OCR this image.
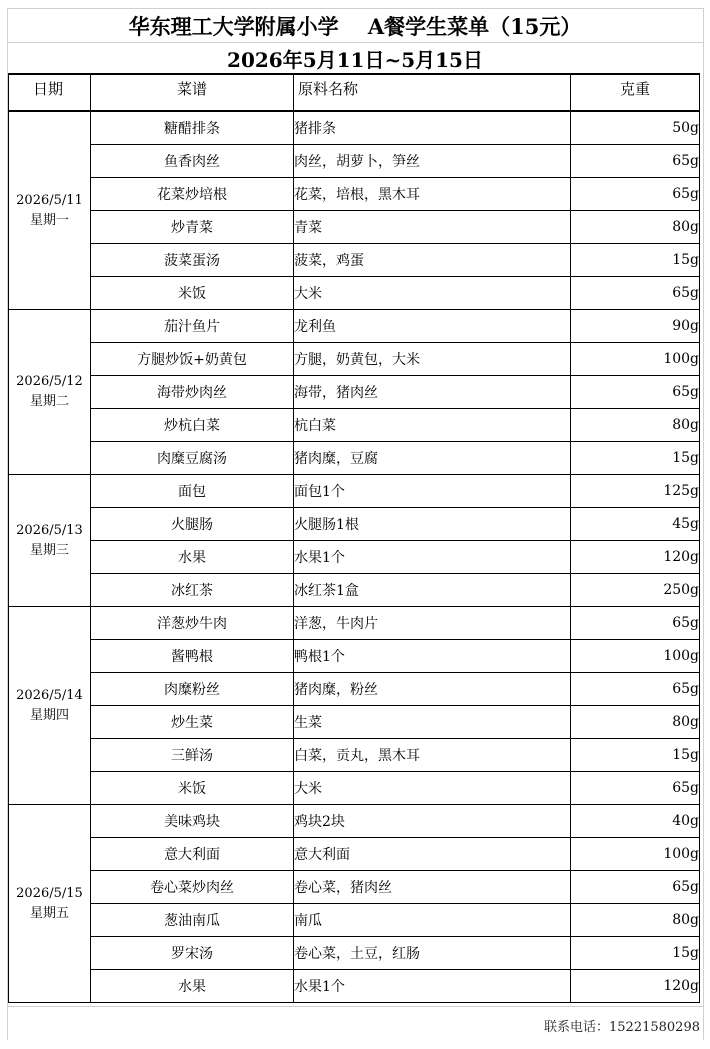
华东理工大学附属小学    A餐学生菜单（15元）
2026年5月11日~5月15日
日期	菜谱	原料名称	克重

2026/5/11
星期一	糖醋排条	猪排条	50g
	鱼香肉丝	肉丝，胡萝卜，笋丝	65g
	花菜炒培根	花菜，培根，黑木耳	65g
	炒青菜	青菜	80g
	菠菜蛋汤	菠菜，鸡蛋	15g
	米饭	大米	65g

2026/5/12
星期二	茄汁鱼片	龙利鱼	90g
	方腿炒饭+奶黄包	方腿，奶黄包，大米	100g
	海带炒肉丝	海带，猪肉丝	65g
	炒杭白菜	杭白菜	80g
	肉糜豆腐汤	猪肉糜，豆腐	15g

2026/5/13
星期三	面包	面包1个	125g
	火腿肠	火腿肠1根	45g
	水果	水果1个	120g
	冰红茶	冰红茶1盒	250g

2026/5/14
星期四	洋葱炒牛肉	洋葱，牛肉片	65g
	酱鸭根	鸭根1个	100g
	肉糜粉丝	猪肉糜，粉丝	65g
	炒生菜	生菜	80g
	三鲜汤	白菜，贡丸，黑木耳	15g
	米饭	大米	65g

2026/5/15
星期五	美味鸡块	鸡块2块	40g
	意大利面	意大利面	100g
	卷心菜炒肉丝	卷心菜，猪肉丝	65g
	葱油南瓜	南瓜	80g
	罗宋汤	卷心菜，土豆，红肠	15g
	水果	水果1个	120g
联系电话：15221580298
